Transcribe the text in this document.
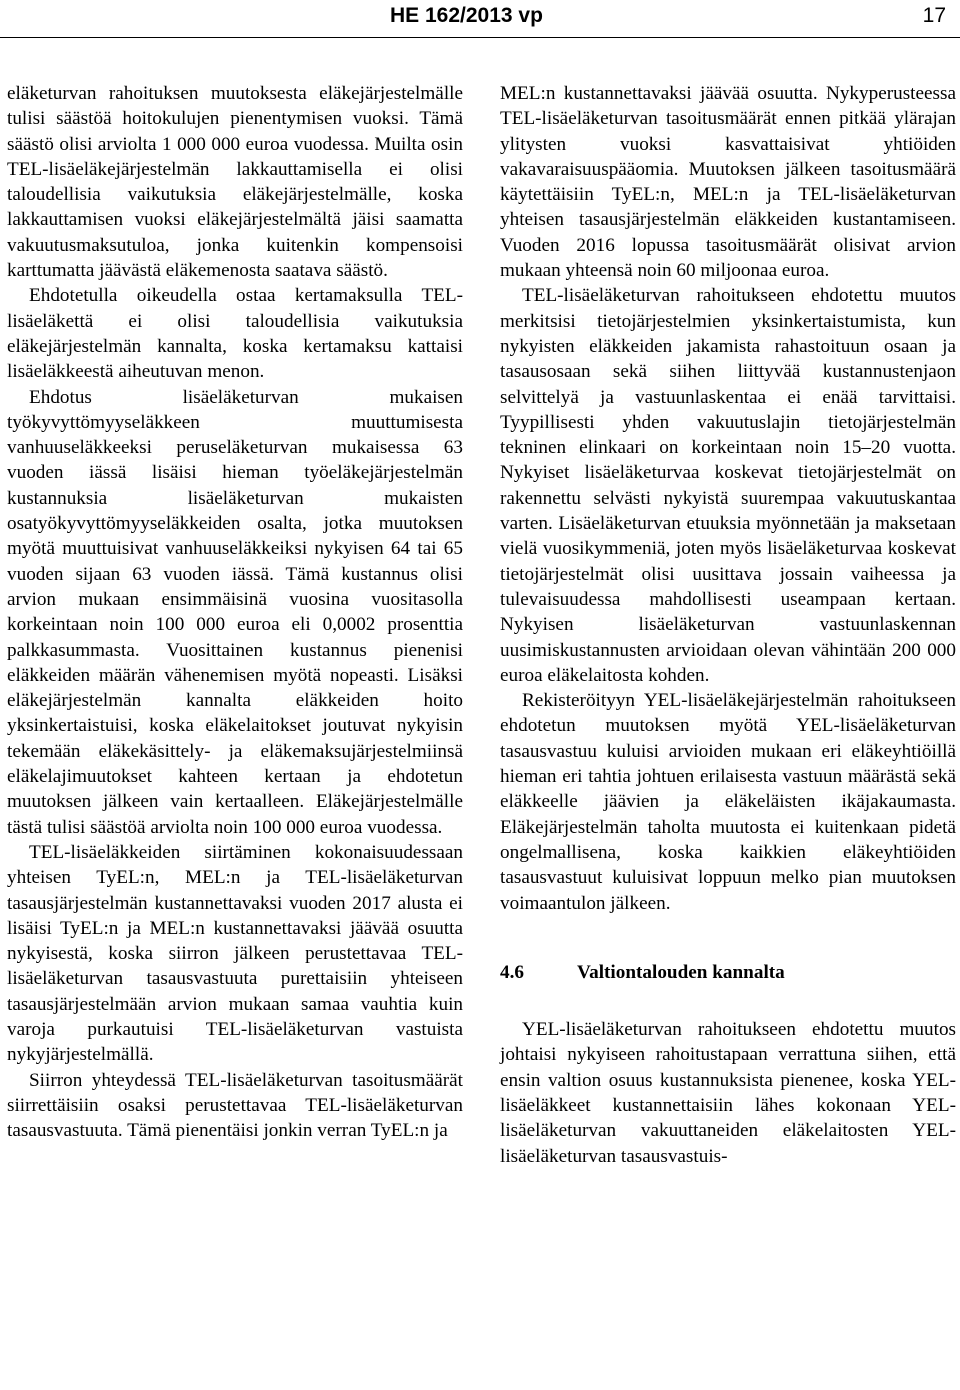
HE 162/2013 vp	17

eläketurvan rahoituksen muutoksesta eläkejärjestelmälle tulisi säästöä hoitokulujen pienentymisen vuoksi. Tämä säästö olisi arviolta 1 000 000 euroa vuodessa. Muilta osin TEL-lisäeläkejärjestelmän lakkauttamisella ei olisi taloudellisia vaikutuksia eläkejärjestelmälle, koska lakkauttamisen vuoksi eläkejärjestelmältä jäisi saamatta vakuutusmaksutuloa, jonka kuitenkin kompensoisi karttumatta jäävästä eläkemenosta saatava säästö.

Ehdotetulla oikeudella ostaa kertamaksulla TEL-lisäeläkettä ei olisi taloudellisia vaikutuksia eläkejärjestelmän kannalta, koska kertamaksu kattaisi lisäeläkkeestä aiheutuvan menon.

Ehdotus lisäeläketurvan mukaisen työkyvyttömyyseläkkeen muuttumisesta vanhuuseläkkeeksi peruseläketurvan mukaisessa 63 vuoden iässä lisäisi hieman työeläkejärjestelmän kustannuksia lisäeläketurvan mukaisten osatyökyvyttömyyseläkkeiden osalta, jotka muutoksen myötä muuttuisivat vanhuuseläkkeiksi nykyisen 64 tai 65 vuoden sijaan 63 vuoden iässä. Tämä kustannus olisi arvion mukaan ensimmäisinä vuosina vuositasolla korkeintaan noin 100 000 euroa eli 0,0002 prosenttia palkkasummasta. Vuosittainen kustannus pienenisi eläkkeiden määrän vähenemisen myötä nopeasti. Lisäksi eläkejärjestelmän kannalta eläkkeiden hoito yksinkertaistuisi, koska eläkelaitokset joutuvat nykyisin tekemään eläkekäsittely- ja eläkemaksujärjestelmiinsä eläkelajimuutokset kahteen kertaan ja ehdotetun muutoksen jälkeen vain kertaalleen. Eläkejärjestelmälle tästä tulisi säästöä arviolta noin 100 000 euroa vuodessa.

TEL-lisäeläkkeiden siirtäminen kokonaisuudessaan yhteisen TyEL:n, MEL:n ja TEL-lisäeläketurvan tasausjärjestelmän kustannettavaksi vuoden 2017 alusta ei lisäisi TyEL:n ja MEL:n kustannettavaksi jäävää osuutta nykyisestä, koska siirron jälkeen perustettavaa TEL-lisäeläketurvan tasausvastuuta purettaisiin yhteiseen tasausjärjestelmään arvion mukaan samaa vauhtia kuin varoja purkautuisi TEL-lisäeläketurvan vastuista nykyjärjestelmällä.

Siirron yhteydessä TEL-lisäeläketurvan tasoitusmäärät siirrettäisiin osaksi perustettavaa TEL-lisäeläketurvan tasausvastuuta. Tämä pienentäisi jonkin verran TyEL:n ja

MEL:n kustannettavaksi jäävää osuutta. Nykyperusteessa TEL-lisäeläketurvan tasoitusmäärät ennen pitkää ylärajan ylitysten vuoksi kasvattaisivat yhtiöiden vakavaraisuuspääomia. Muutoksen jälkeen tasoitusmäärä käytettäisiin TyEL:n, MEL:n ja TEL-lisäeläketurvan yhteisen tasausjärjestelmän eläkkeiden kustantamiseen. Vuoden 2016 lopussa tasoitusmäärät olisivat arvion mukaan yhteensä noin 60 miljoonaa euroa.

TEL-lisäeläketurvan rahoitukseen ehdotettu muutos merkitsisi tietojärjestelmien yksinkertaistumista, kun nykyisten eläkkeiden jakamista rahastoituun osaan ja tasausosaan sekä siihen liittyvää kustannustenjaon selvittelyä ja vastuunlaskentaa ei enää tarvittaisi. Tyypillisesti yhden vakuutuslajin tietojärjestelmän tekninen elinkaari on korkeintaan noin 15–20 vuotta. Nykyiset lisäeläketurvaa koskevat tietojärjestelmät on rakennettu selvästi nykyistä suurempaa vakuutuskantaa varten. Lisäeläketurvan etuuksia myönnetään ja maksetaan vielä vuosikymmeniä, joten myös lisäeläketurvaa koskevat tietojärjestelmät olisi uusittava jossain vaiheessa ja tulevaisuudessa mahdollisesti useampaan kertaan. Nykyisen lisäeläketurvan vastuunlaskennan uusimiskustannusten arvioidaan olevan vähintään 200 000 euroa eläkelaitosta kohden.

Rekisteröityyn YEL-lisäeläkejärjestelmän rahoitukseen ehdotetun muutoksen myötä YEL-lisäeläketurvan tasausvastuu kuluisi arvioiden mukaan eri eläkeyhtiöillä hieman eri tahtia johtuen erilaisesta vastuun määrästä sekä eläkkeelle jäävien ja eläkeläisten ikäjakaumasta. Eläkejärjestelmän taholta muutosta ei kuitenkaan pidetä ongelmallisena, koska kaikkien eläkeyhtiöiden tasausvastuut kuluisivat loppuun melko pian muutoksen voimaantulon jälkeen.

4.6	Valtiontalouden kannalta

YEL-lisäeläketurvan rahoitukseen ehdotettu muutos johtaisi nykyiseen rahoitustapaan verrattuna siihen, että ensin valtion osuus kustannuksista pienenee, koska YEL-lisäeläkkeet kustannettaisiin lähes kokonaan YEL-lisäeläketurvan vakuuttaneiden eläkelaitosten YEL-lisäeläketurvan tasausvastuis-
